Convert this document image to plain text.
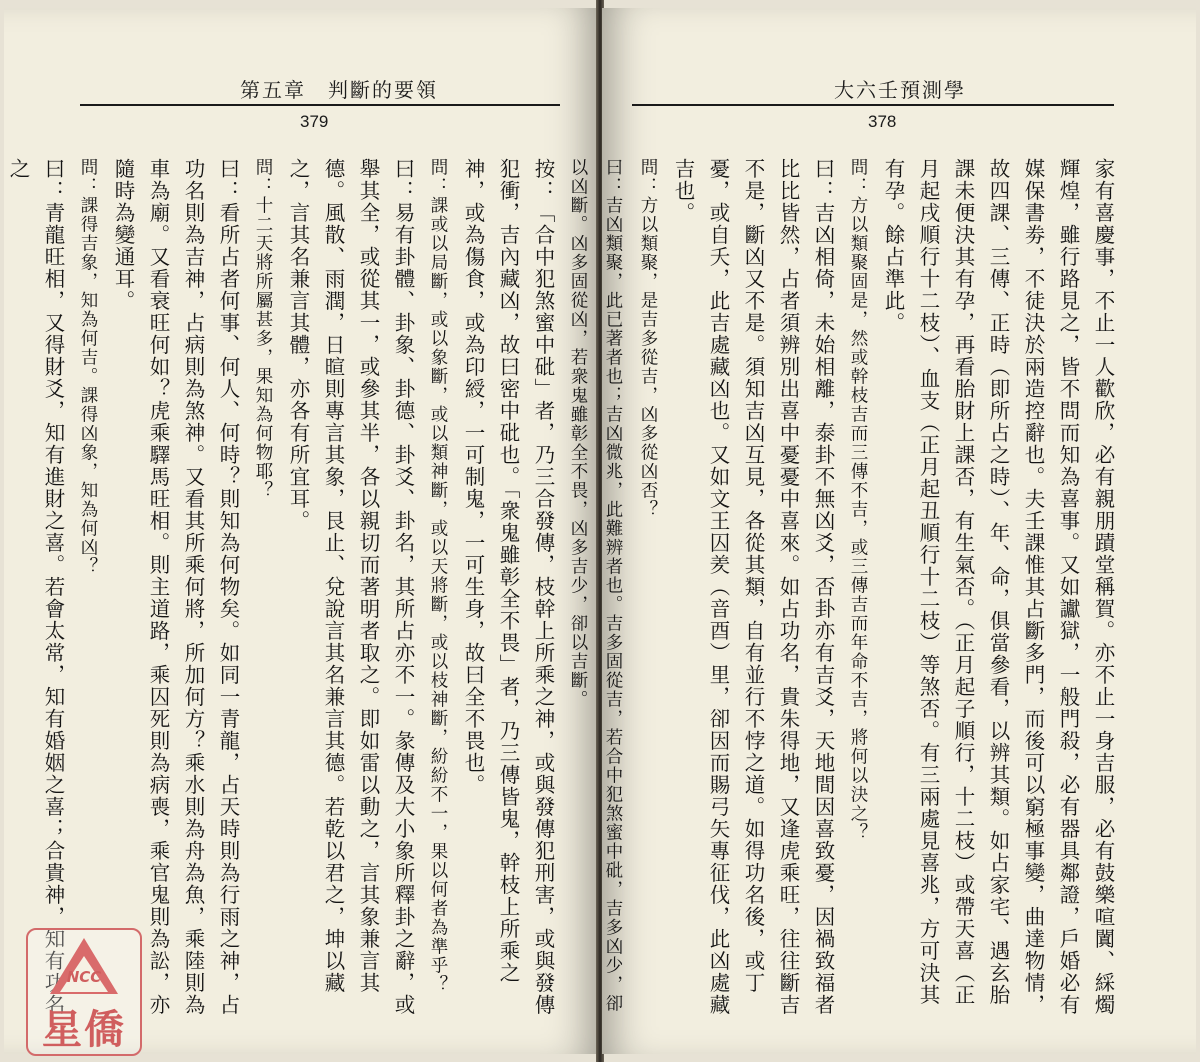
第五章　判斷的要領
379

按：「合中犯煞蜜中砒」者，乃三合發傳，枝幹上所乘之神，或與發傳犯刑害，或與發傳犯衝，吉內藏凶，故曰密中砒也。「衆鬼雖彰全不畏」者，乃三傳皆鬼，幹枝上所乘之神，或為傷食，或為印綬，一可制鬼，一可生身，故曰全不畏也。

問：課或以局斷，或以象斷，或以類神斷，或以天將斷，或以枝神斷，紛紛不一，果以何者為準乎？

曰：易有卦體、卦象、卦德、卦爻、卦名，其所占亦不一。彖傳及大小象所釋卦之辭，或舉其全，或從其一，或參其半，各以親切而著明者取之。即如雷以動之，言其象兼言其德。風散、雨潤，日暄則專言其象，艮止、兌說言其名兼言其德。若乾以君之，坤以藏之，言其名兼言其體，亦各有所宜耳。

問：十二天將所屬甚多，果知為何物耶？

曰：看所占者何事、何人、何時？則知為何物矣。如同一青龍，占天時則為行雨之神，占功名則為吉神，占病則為煞神。又看其所乘何將，所加何方？乘水則為舟為魚，乘陸則為車為廟。又看衰旺何如？虎乘驛馬旺相。則主道路，乘囚死則為病喪，乘官鬼則為訟，亦隨時為變通耳。

問：課得吉象，知為何吉。課得凶象，知為何凶？

曰：青龍旺相，又得財爻，知有進財之喜。若會太常，知有婚姻之喜；合貴神，知有功名之

NCC
星僑
大六壬預測學
378

家有喜慶事，不止一人歡欣，必有親朋蹟堂稱賀。亦不止一身吉服，必有鼓樂喧闐、綵燭輝煌，雖行路見之，皆不問而知為喜事。又如讞獄，一般門殺，必有器具鄰證，戶婚必有媒保書劵，不徒決於兩造控辭也。夫壬課惟其占斷多門，而後可以窮極事變，曲達物情，故四課、三傳、正時（即所占之時）、年、命，俱當參看，以辨其類。如占家宅、遇玄胎課未便決其有孕，再看胎財上課否，有生氣否。（正月起子順行，十二枝）或帶天喜（正月起戌順行十二枝）、血支（正月起丑順行十二枝）等煞否。有三兩處見喜兆，方可決其有孕。餘占準此。

問：方以類聚固是，然或幹枝吉而三傳不吉，或三傳吉而年命不吉，將何以決之？

曰：吉凶相倚，未始相離，泰卦不無凶爻，否卦亦有吉爻，天地間因喜致憂，因禍致福者比比皆然，占者須辨別出喜中憂憂中喜來。如占功名，貴朱得地，又逢虎乘旺，往往斷吉不是，斷凶又不是。須知吉凶互見，各從其類，自有並行不悖之道。如得功名後，或丁憂，或自夭，此吉處藏凶也。又如文王囚羑（音酉）里，卻因而賜弓矢專征伐，此凶處藏吉也。

問：方以類聚，是吉多從吉，凶多從凶否？

曰：吉凶類聚，此已著者也；吉凶微兆，此難辨者也。吉多固從吉，若合中犯煞蜜中砒，吉多凶少，卻以凶斷。凶多固從凶，若衆鬼雖彰全不畏，凶多吉少，卻以吉斷。
